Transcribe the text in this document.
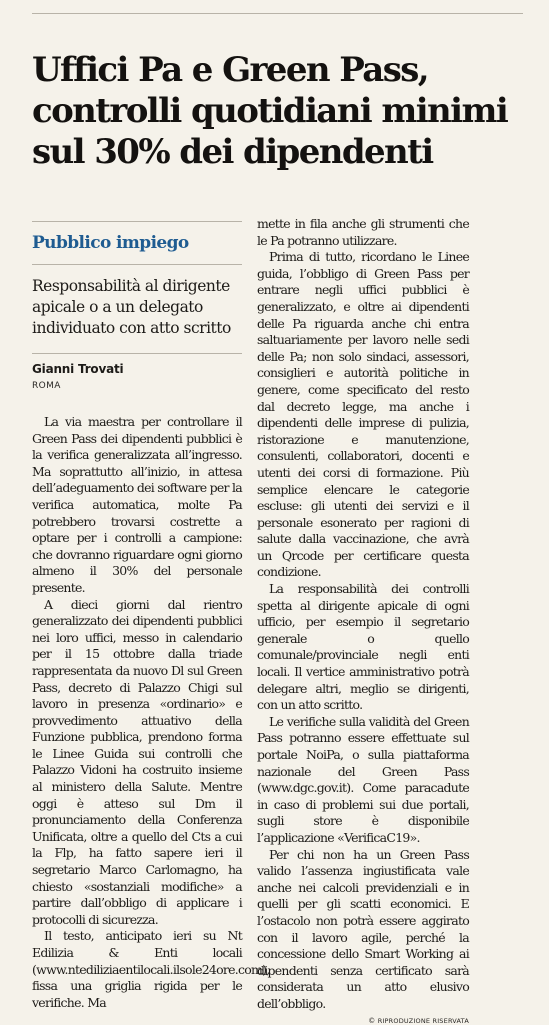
Uffici Pa e Green Pass, controlli quotidiani minimi sul 30% dei dipendenti
Pubblico impiego
Responsabilità al dirigente apicale o a un delegato individuato con atto scritto
Gianni Trovati
ROMA

La via maestra per controllare il Green Pass dei dipendenti pubblici è la verifica generalizzata all’ingresso. Ma soprattutto all’inizio, in attesa dell’adeguamento dei software per la verifica automatica, molte Pa potrebbero trovarsi costrette a optare per i controlli a campione: che dovranno riguardare ogni giorno almeno il 30% del personale presente.

A dieci giorni dal rientro generalizzato dei dipendenti pubblici nei loro uffici, messo in calendario per il 15 ottobre dalla triade rappresentata da nuovo Dl sul Green Pass, decreto di Palazzo Chigi sul lavoro in presenza «ordinario» e provvedimento attuativo della Funzione pubblica, prendono forma le Linee Guida sui controlli che Palazzo Vidoni ha costruito insieme al ministero della Salute. Mentre oggi è atteso sul Dm il pronunciamento della Conferenza Unificata, oltre a quello del Cts a cui la Flp, ha fatto sapere ieri il segretario Marco Carlomagno, ha chiesto «sostanziali modifiche» a partire dall’obbligo di applicare i protocolli di sicurezza.

Il testo, anticipato ieri su Nt Edilizia & Enti locali (www.ntediliziaentilocali.ilsole24ore.com), fissa una griglia rigida per le verifiche. Ma

mette in fila anche gli strumenti che le Pa potranno utilizzare.

Prima di tutto, ricordano le Linee guida, l’obbligo di Green Pass per entrare negli uffici pubblici è generalizzato, e oltre ai dipendenti delle Pa riguarda anche chi entra saltuariamente per lavoro nelle sedi delle Pa; non solo sindaci, assessori, consiglieri e autorità politiche in genere, come specificato del resto dal decreto legge, ma anche i dipendenti delle imprese di pulizia, ristorazione e manutenzione, consulenti, collaboratori, docenti e utenti dei corsi di formazione. Più semplice elencare le categorie escluse: gli utenti dei servizi e il personale esonerato per ragioni di salute dalla vaccinazione, che avrà un Qrcode per certificare questa condizione.

La responsabilità dei controlli spetta al dirigente apicale di ogni ufficio, per esempio il segretario generale o quello comunale/provinciale negli enti locali. Il vertice amministrativo potrà delegare altri, meglio se dirigenti, con un atto scritto.

Le verifiche sulla validità del Green Pass potranno essere effettuate sul portale NoiPa, o sulla piattaforma nazionale del Green Pass (www.dgc.gov.it). Come paracadute in caso di problemi sui due portali, sugli store è disponibile l’applicazione «VerificaC19».

Per chi non ha un Green Pass valido l’assenza ingiustificata vale anche nei calcoli previdenziali e in quelli per gli scatti economici. E l’ostacolo non potrà essere aggirato con il lavoro agile, perché la concessione dello Smart Working ai dipendenti senza certificato sarà considerata un atto elusivo dell’obbligo.

© RIPRODUZIONE RISERVATA
